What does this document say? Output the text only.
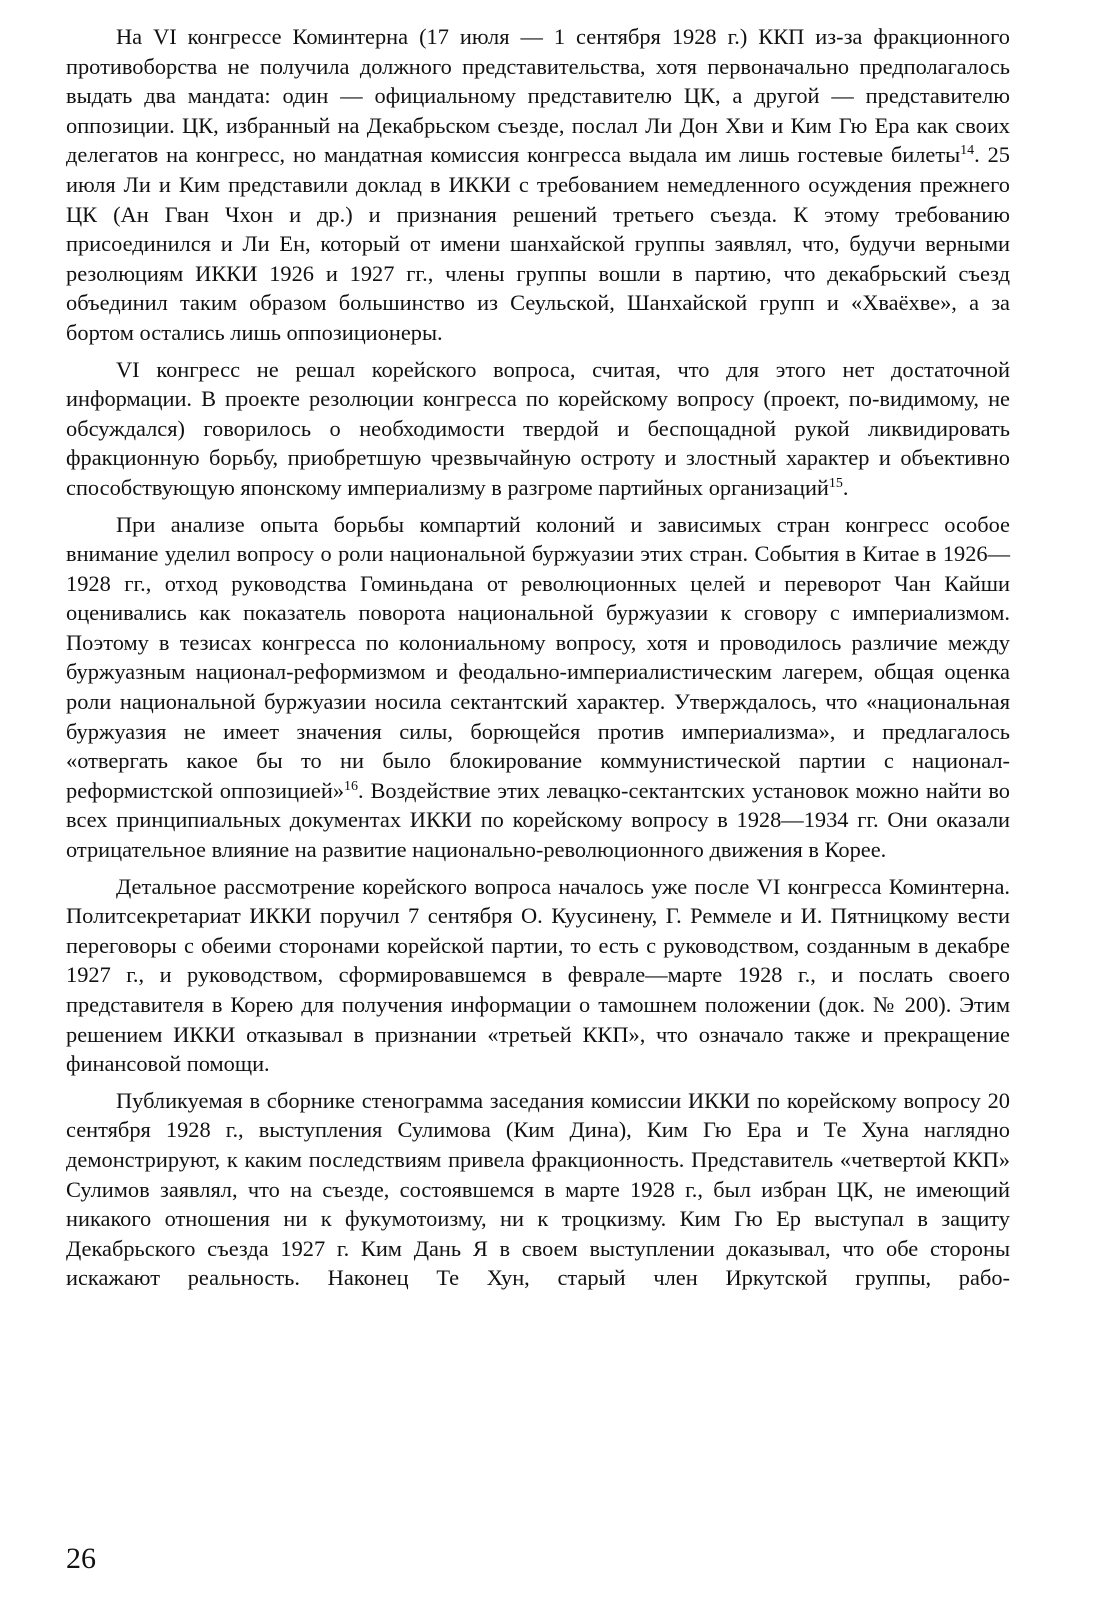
На VI конгрессе Коминтерна (17 июля — 1 сентября 1928 г.) ККП из-за фракционного противоборства не получила должного представительства, хотя первоначально предполагалось выдать два мандата: один — официальному представителю ЦК, а другой — представителю оппозиции. ЦК, избранный на Декабрьском съезде, послал Ли Дон Хви и Ким Гю Ера как своих делегатов на конгресс, но мандатная комиссия конгресса выдала им лишь гостевые билеты$^{14}$. 25 июля Ли и Ким представили доклад в ИККИ с требованием немедленного осуждения прежнего ЦК (Ан Гван Чхон и др.) и признания решений третьего съезда. К этому требованию присоединился и Ли Ен, который от имени шанхайской группы заявлял, что, будучи верными резолюциям ИККИ 1926 и 1927 гг., члены группы вошли в партию, что декабрьский съезд объединил таким образом большинство из Сеульской, Шанхайской групп и «Хваёхве», а за бортом остались лишь оппозиционеры.

VI конгресс не решал корейского вопроса, считая, что для этого нет достаточной информации. В проекте резолюции конгресса по корейскому вопросу (проект, по-видимому, не обсуждался) говорилось о необходимости твердой и беспощадной рукой ликвидировать фракционную борьбу, приобретшую чрезвычайную остроту и злостный характер и объективно способствующую японскому империализму в разгроме партийных организаций$^{15}$.

При анализе опыта борьбы компартий колоний и зависимых стран конгресс особое внимание уделил вопросу о роли национальной буржуазии этих стран. События в Китае в 1926—1928 гг., отход руководства Гоминьдана от революционных целей и переворот Чан Кайши оценивались как показатель поворота национальной буржуазии к сговору с империализмом. Поэтому в тезисах конгресса по колониальному вопросу, хотя и проводилось различие между буржуазным национал-реформизмом и феодально-империалистическим лагерем, общая оценка роли национальной буржуазии носила сектантский характер. Утверждалось, что «национальная буржуазия не имеет значения силы, борющейся против империализма», и предлагалось «отвергать какое бы то ни было блокирование коммунистической партии с национал-реформистской оппозицией»$^{16}$. Воздействие этих левацко-сектантских установок можно найти во всех принципиальных документах ИККИ по корейскому вопросу в 1928—1934 гг. Они оказали отрицательное влияние на развитие национально-революционного движения в Корее.

Детальное рассмотрение корейского вопроса началось уже после VI конгресса Коминтерна. Политсекретариат ИККИ поручил 7 сентября О. Куусинену, Г. Реммеле и И. Пятницкому вести переговоры с обеими сторонами корейской партии, то есть с руководством, созданным в декабре 1927 г., и руководством, сформировавшемся в феврале—марте 1928 г., и послать своего представителя в Корею для получения информации о тамошнем положении (док. № 200). Этим решением ИККИ отказывал в признании «третьей ККП», что означало также и прекращение финансовой помощи.

Публикуемая в сборнике стенограмма заседания комиссии ИККИ по корейскому вопросу 20 сентября 1928 г., выступления Сулимова (Ким Дина), Ким Гю Ера и Те Хуна наглядно демонстрируют, к каким последствиям привела фракционность. Представитель «четвертой ККП» Сулимов заявлял, что на съезде, состоявшемся в марте 1928 г., был избран ЦК, не имеющий никакого отношения ни к фукумотоизму, ни к троцкизму. Ким Гю Ер выступал в защиту Декабрьского съезда 1927 г. Ким Дань Я в своем выступлении доказывал, что обе стороны искажают реальность. Наконец Те Хун, старый член Иркутской группы, рабо-

26
